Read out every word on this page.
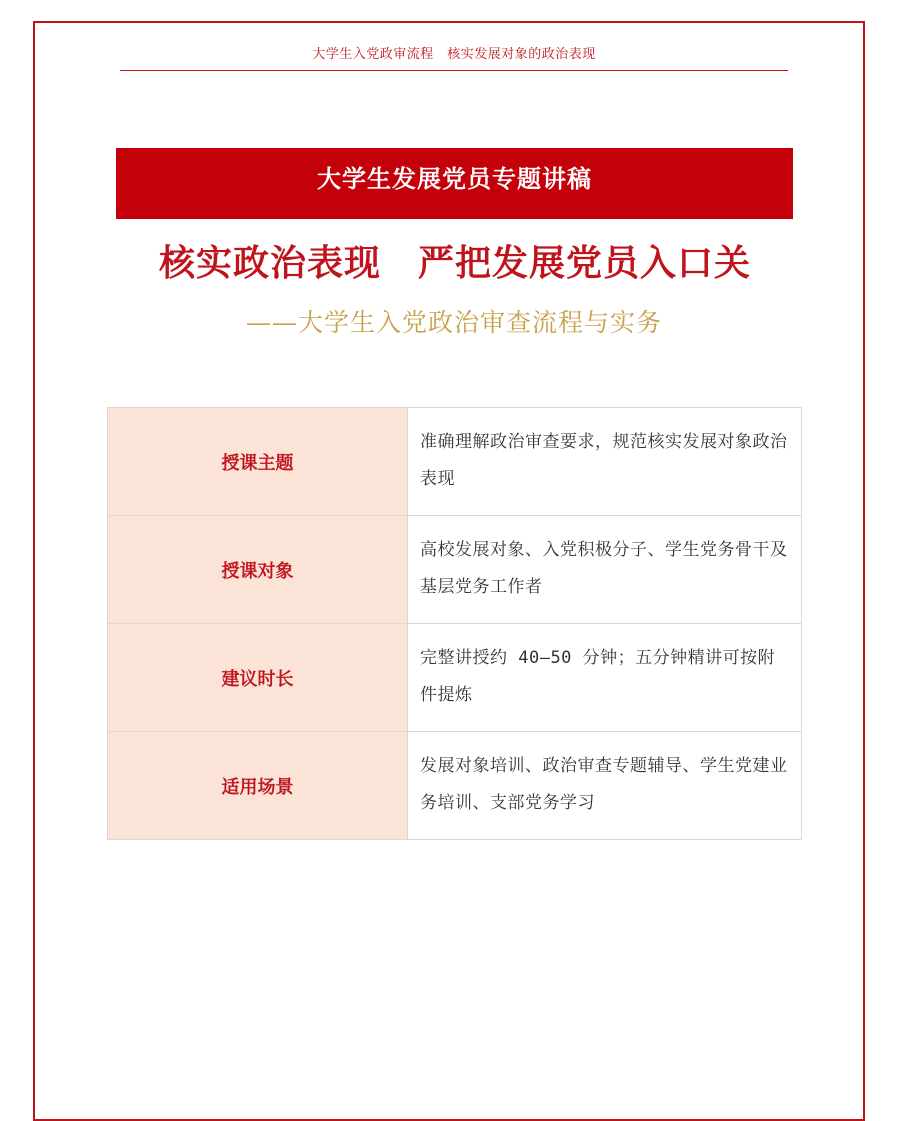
大学生入党政审流程　核实发展对象的政治表现
大学生发展党员专题讲稿
核实政治表现　严把发展党员入口关
——大学生入党政治审查流程与实务
授课主题	准确理解政治审查要求，规范核实发展对象政治表现
授课对象	高校发展对象、入党积极分子、学生党务骨干及基层党务工作者
建议时长	完整讲授约 40—50 分钟；五分钟精讲可按附件提炼
适用场景	发展对象培训、政治审查专题辅导、学生党建业务培训、支部党务学习
